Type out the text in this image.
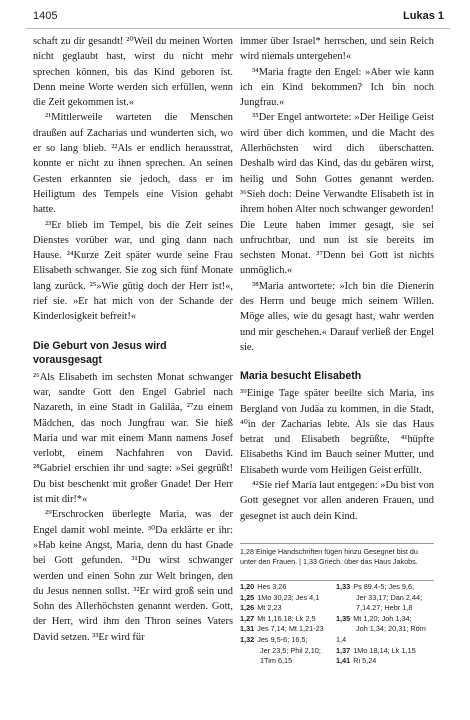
1405	Lukas 1

schaft zu dir gesandt! ²⁰Weil du meinen Worten nicht geglaubt hast, wirst du nicht mehr sprechen können, bis das Kind geboren ist. Denn meine Worte werden sich erfüllen, wenn die Zeit gekommen ist.«

²¹Mittlerweile warteten die Menschen draußen auf Zacharias und wunderten sich, wo er so lang blieb. ²²Als er endlich herausstrat, konnte er nicht zu ihnen sprechen. An seinen Gesten erkannten sie jedoch, dass er im Heiligtum des Tempels eine Vision gehabt hatte.

²³Er blieb im Tempel, bis die Zeit seines Dienstes vorüber war, und ging dann nach Hause. ²⁴Kurze Zeit später wurde seine Frau Elisabeth schwanger. Sie zog sich fünf Monate lang zurück. ²⁵»Wie gütig doch der Herr ist!«, rief sie. »Er hat mich von der Schande der Kinderlosigkeit befreit!«

Die Geburt von Jesus wird vorausgesagt

²⁶Als Elisabeth im sechsten Monat schwanger war, sandte Gott den Engel Gabriel nach Nazareth, in eine Stadt in Galiläa, ²⁷zu einem Mädchen, das noch Jungfrau war. Sie hieß Maria und war mit einem Mann namens Josef verlobt, einem Nachfahren von David. ²⁸Gabriel erschien ihr und sagte: »Sei gegrüßt! Du bist beschenkt mit großer Gnade! Der Herr ist mit dir!*«

²⁹Erschrocken überlegte Maria, was der Engel damit wohl meinte. ³⁰Da erklärte er ihr: »Hab keine Angst, Maria, denn du hast Gnade bei Gott gefunden. ³¹Du wirst schwanger werden und einen Sohn zur Welt bringen, den du Jesus nennen sollst. ³²Er wird groß sein und Sohn des Allerhöchsten genannt werden. Gott, der Herr, wird ihm den Thron seines Vaters David setzen. ³³Er wird für

immer über Israel* herrschen, und sein Reich wird niemals untergehen!«

³⁴Maria fragte den Engel: »Aber wie kann ich ein Kind bekommen? Ich bin noch Jungfrau.«

³⁵Der Engel antwortete: »Der Heilige Geist wird über dich kommen, und die Macht des Allerhöchsten wird dich überschatten. Deshalb wird das Kind, das du gebären wirst, heilig und Sohn Gottes genannt werden. ³⁶Sieh doch: Deine Verwandte Elisabeth ist in ihrem hohen Alter noch schwanger geworden! Die Leute haben immer gesagt, sie sei unfruchtbar, und nun ist sie bereits im sechsten Monat. ³⁷Denn bei Gott ist nichts unmöglich.«

³⁸Maria antwortete: »Ich bin die Dienerin des Herrn und beuge mich seinem Willen. Möge alles, wie du gesagt hast, wahr werden und mir geschehen.« Darauf verließ der Engel sie.

Maria besucht Elisabeth

³⁹Einige Tage später beeilte sich Maria, ins Bergland von Judäa zu kommen, in die Stadt, ⁴⁰in der Zacharias lebte. Als sie das Haus betrat und Elisabeth begrüßte, ⁴¹hüpfte Elisabeths Kind im Bauch seiner Mutter, und Elisabeth wurde vom Heiligen Geist erfüllt.

⁴²Sie rief Maria laut entgegen: »Du bist von Gott gesegnet vor allen anderen Frauen, und gesegnet ist auch dein Kind.

1,28 Einige Handschriften fügen hinzu Gesegnet bist du unter den Frauen. | 1,33 Griech. über das Haus Jakobs.
1,20 Hes 3,26
1,25 1Mo 30,23; Jes 4,1
1,26 Mt 2,23
1,27 Mt 1,16.18; Lk 2,5
1,31 Jes 7,14; Mt 1,21-23
1,32 Jes 9,5-6; 16,5;
Jer 23,5; Phil 2,10;
1Tim 6,15
1,33 Ps 89,4-5; Jes 9,6;
Jer 33,17; Dan 2,44;
7,14.27; Hebr 1,8
1,35 Mt 1,20; Joh 1,34;
Joh 1,34; 20,31; Röm 1,4
1,37 1Mo 18,14; Lk 1,15
1,41 Ri 5,24
